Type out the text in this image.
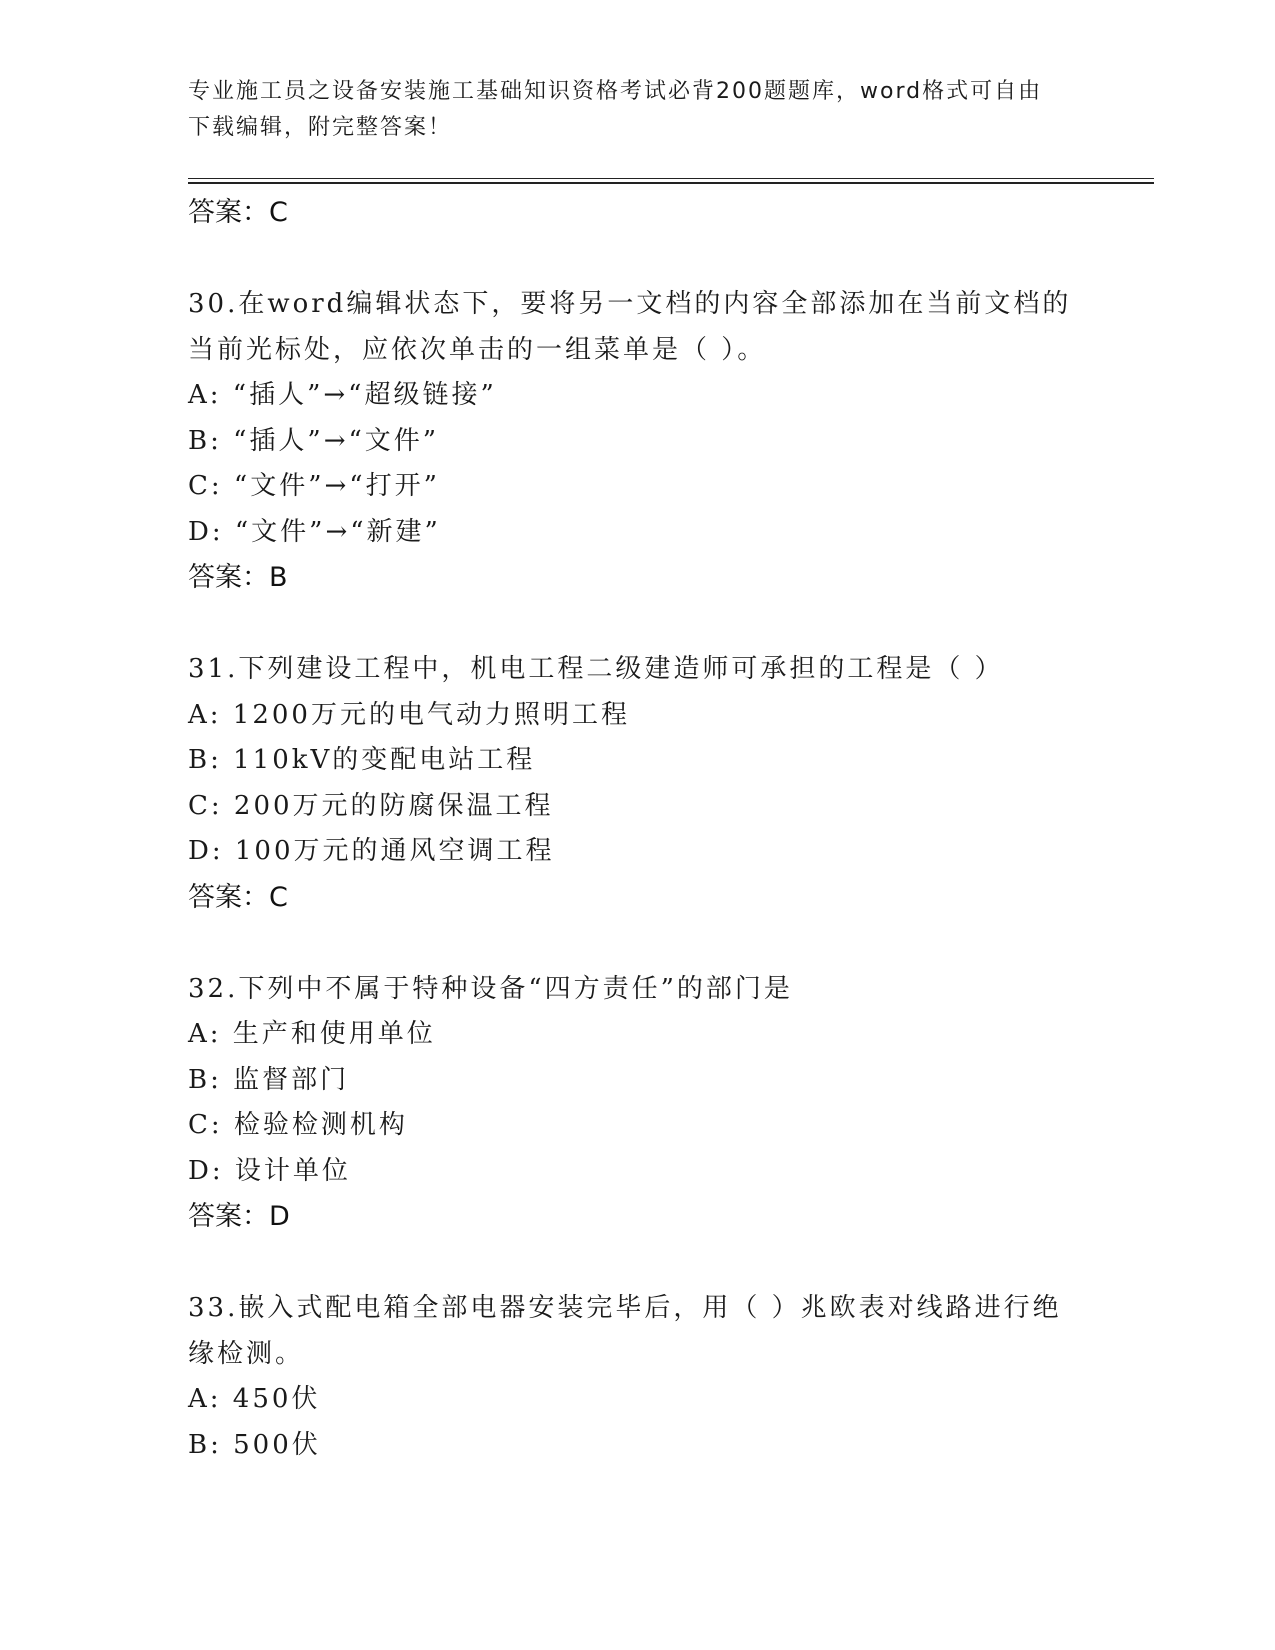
专业施工员之设备安装施工基础知识资格考试必背200题题库，word格式可自由
下载编辑，附完整答案！
答案：C
30.在word编辑状态下，要将另一文档的内容全部添加在当前文档的
当前光标处，应依次单击的一组菜单是（ ）。
A: “插人”→“超级链接”
B: “插人”→“文件”
C: “文件”→“打开”
D: “文件”→“新建”
答案：B
31.下列建设工程中，机电工程二级建造师可承担的工程是（ ）
A: 1200万元的电气动力照明工程
B: 110kV的变配电站工程
C: 200万元的防腐保温工程
D: 100万元的通风空调工程
答案：C
32.下列中不属于特种设备“四方责任”的部门是
A: 生产和使用单位
B: 监督部门
C: 检验检测机构
D: 设计单位
答案：D
33.嵌入式配电箱全部电器安装完毕后，用（ ）兆欧表对线路进行绝
缘检测。
A: 450伏
B: 500伏
